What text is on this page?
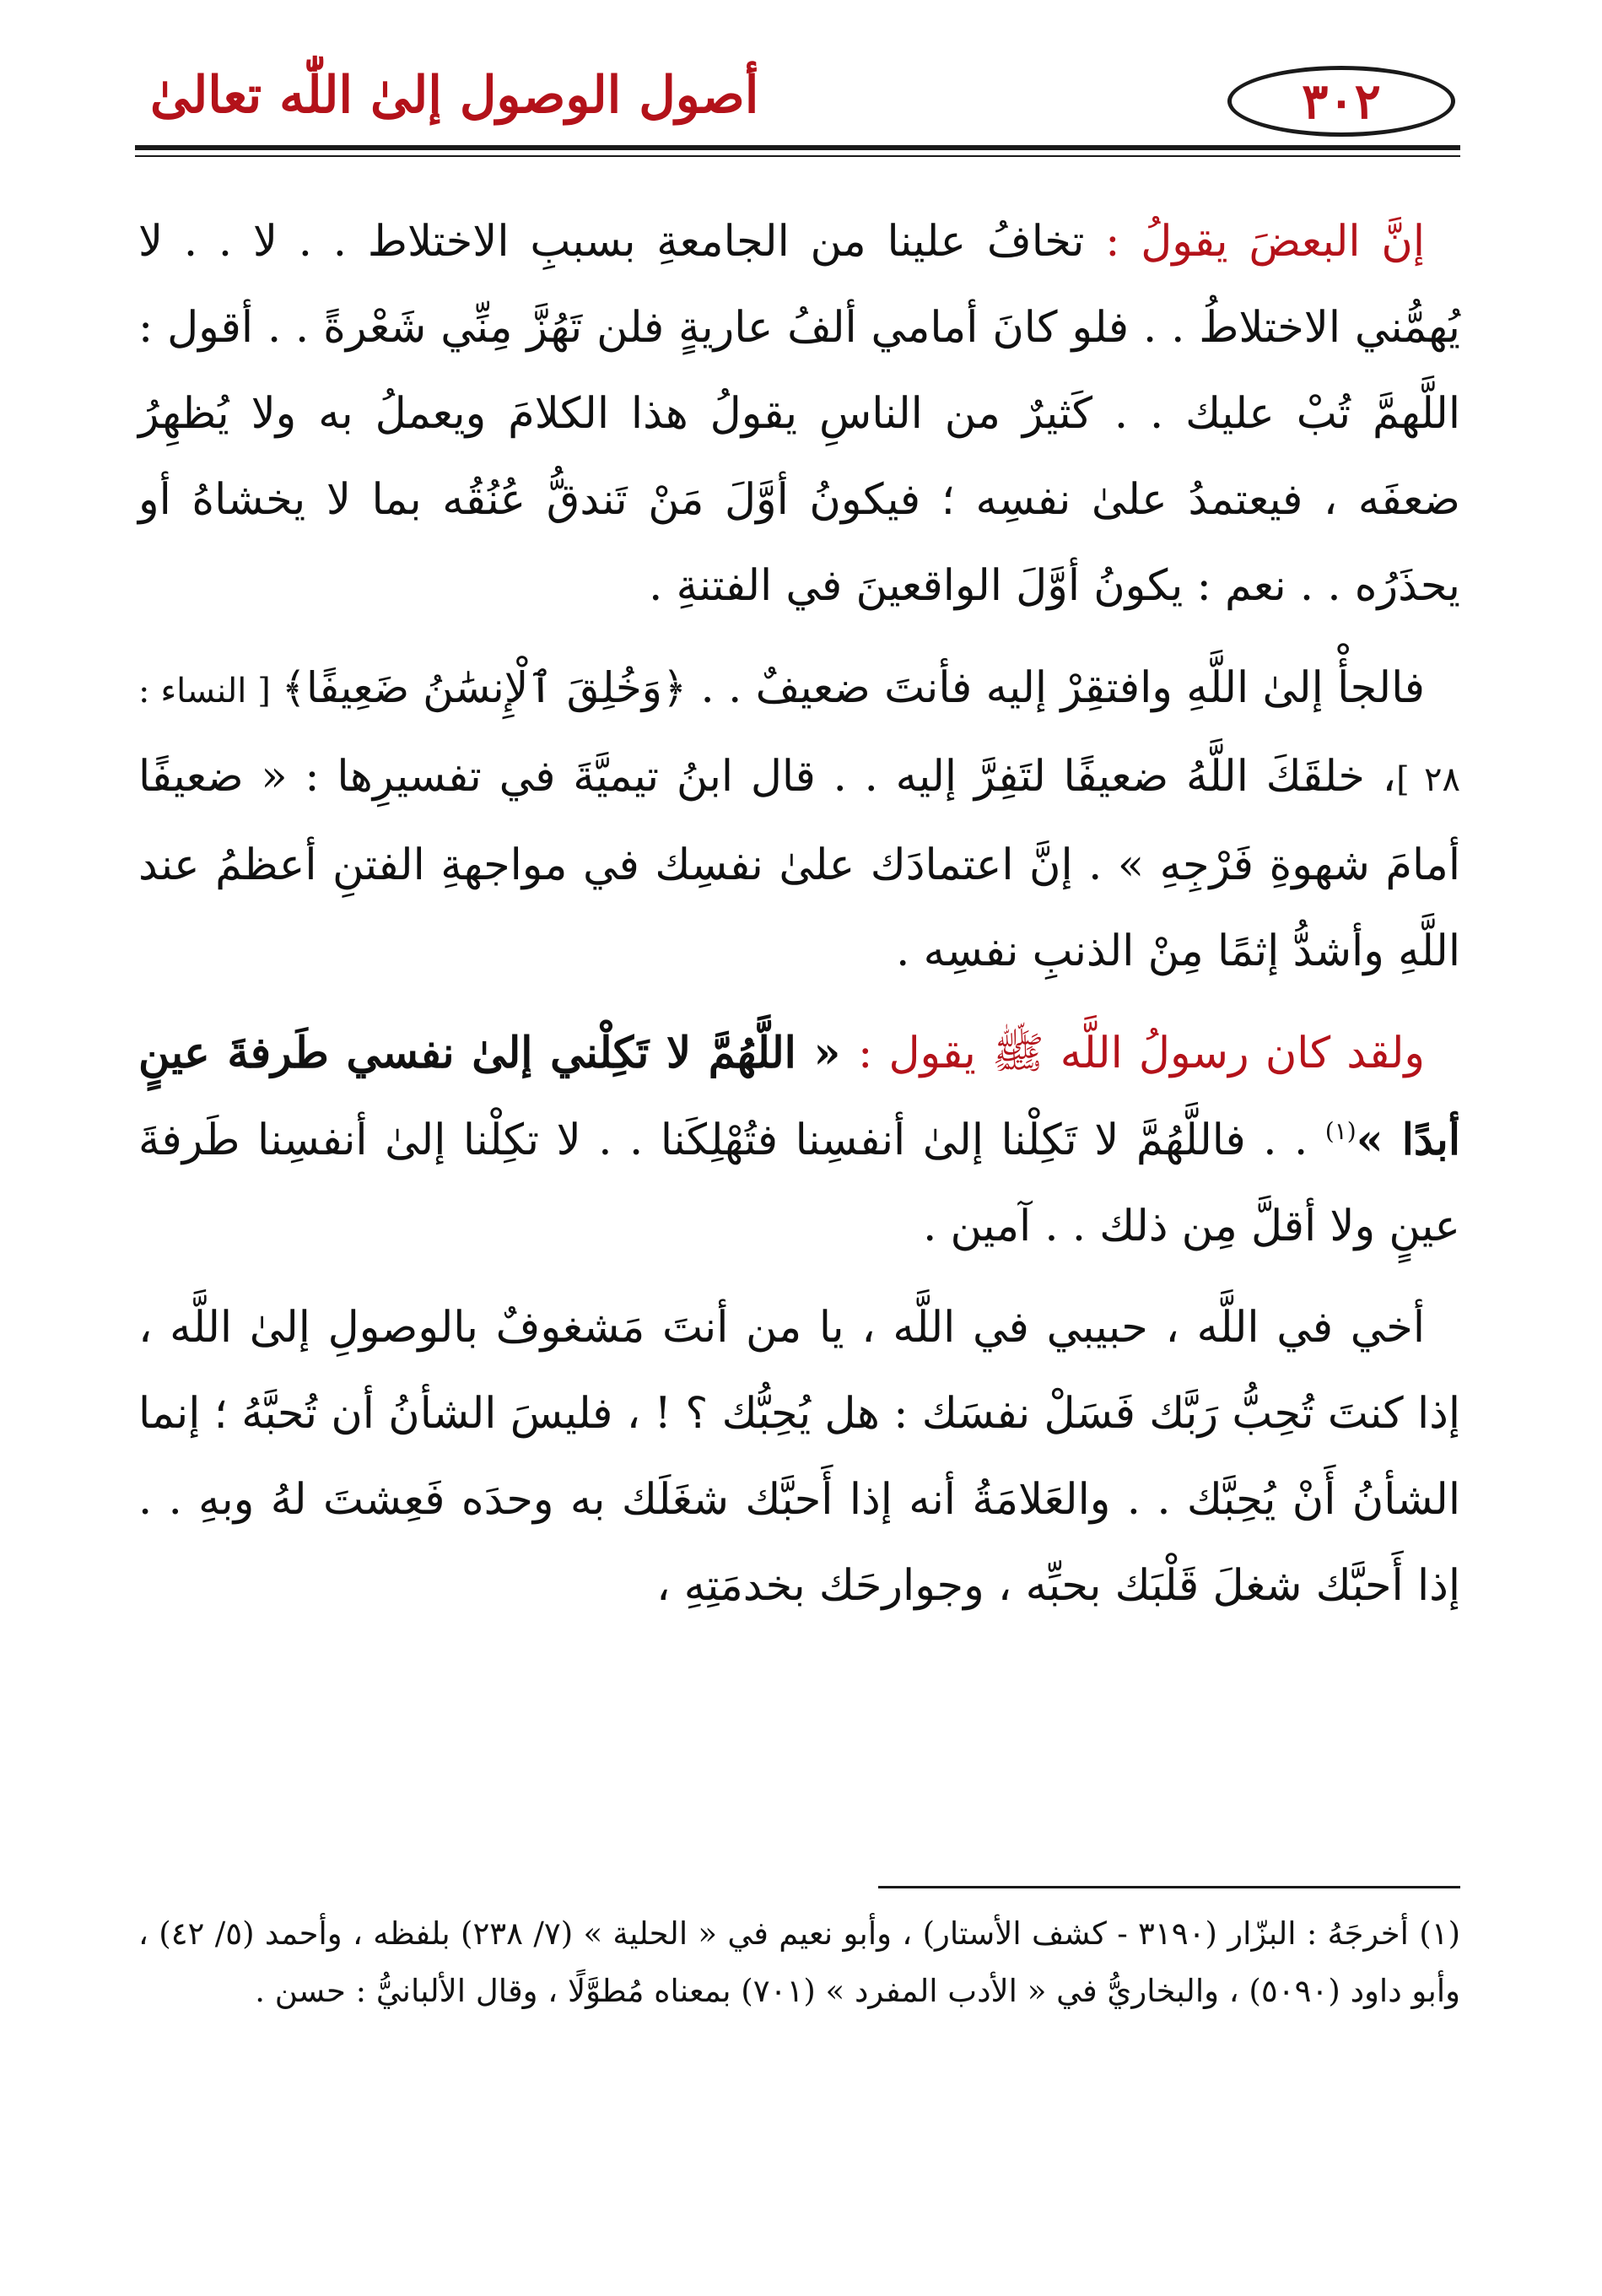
٣٠٢
أصول الوصول إلىٰ اللّٰه تعالىٰ

إنَّ البعضَ يقولُ : تخافُ علينا من الجامعةِ بسببِ الاختلاط . . لا . . لا يُهمُّني الاختلاطُ . . فلو كانَ أمامي ألفُ عاريةٍ فلن تَهُزَّ مِنِّي شَعْرةً . . أقول : اللَّهمَّ تُبْ عليك . . كَثيرٌ من الناسِ يقولُ هذا الكلامَ ويعملُ به ولا يُظهِرُ ضعفَه ، فيعتمدُ علىٰ نفسِه ؛ فيكونُ أوَّلَ مَنْ تَندقُّ عُنُقُه بما لا يخشاهُ أو يحذَرُه . . نعم : يكونُ أوَّلَ الواقعينَ في الفتنةِ .

فالجأْ إلىٰ اللَّهِ وافتقِرْ إليه فأنتَ ضعيفٌ . . ﴿وَخُلِقَ ٱلْإِنسَٰنُ ضَعِيفًا﴾ [ النساء : ٢٨ ]، خلقَكَ اللَّهُ ضعيفًا لتَفِرَّ إليه . . قال ابنُ تيميَّةَ في تفسيرِها : « ضعيفًا أمامَ شهوةِ فَرْجِهِ » . إنَّ اعتمادَك علىٰ نفسِك في مواجهةِ الفتنِ أعظمُ عند اللَّهِ وأشدُّ إثمًا مِنْ الذنبِ نفسِه .

ولقد كان رسولُ اللَّه ﷺ يقول : « اللَّهُمَّ لا تَكِلْني إلىٰ نفسي طَرفةَ عينٍ أبدًا »$^{(١)}$ . . فاللَّهُمَّ لا تَكِلْنا إلىٰ أنفسِنا فتُهْلِكَنا . . لا تكِلْنا إلىٰ أنفسِنا طَرفةَ عينٍ ولا أقلَّ مِن ذلك . . آمين .

أخي في اللَّه ، حبيبي في اللَّه ، يا من أنتَ مَشغوفٌ بالوصولِ إلىٰ اللَّه ، إذا كنتَ تُحِبُّ رَبَّك فَسَلْ نفسَك : هل يُحِبُّك ؟ ! ، فليسَ الشأنُ أن تُحبَّهُ ؛ إنما الشأنُ أَنْ يُحِبَّك . . والعَلامَةُ أنه إذا أَحبَّك شغَلَك به وحدَه فَعِشتَ لهُ وبهِ . . إذا أَحبَّك شغلَ قَلْبَك بحبِّه ، وجوارحَك بخدمَتِهِ ،

(١) أخرجَهُ : البزّار (٣١٩٠ - كشف الأستار) ، وأبو نعيم في « الحلية » (٧/ ٢٣٨) بلفظه ، وأحمد (٥/ ٤٢) ، وأبو داود (٥٠٩٠) ، والبخاريُّ في « الأدب المفرد » (٧٠١) بمعناه مُطوَّلًا ، وقال الألبانيُّ : حسن .
